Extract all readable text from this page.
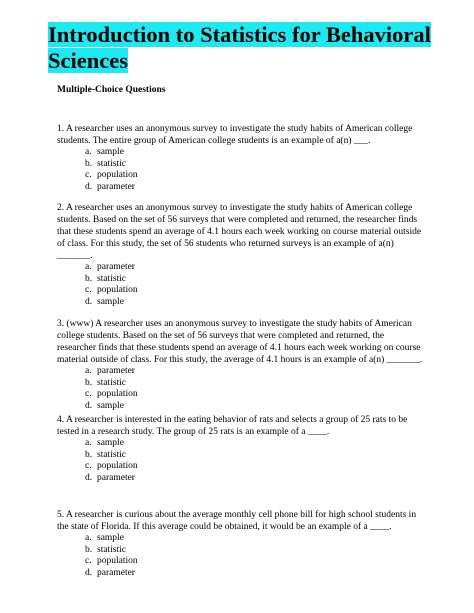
Introduction to Statistics for Behavioral
Sciences
Multiple-Choice Questions

1. A researcher uses an anonymous survey to investigate the study habits of American college students. The entire group of American college students is an example of a(n) ___.

a. sample
b. statistic
c. population
d. parameter

2. A researcher uses an anonymous survey to investigate the study habits of American college students. Based on the set of 56 surveys that were completed and returned, the researcher finds that these students spend an average of 4.1 hours each week working on course material outside of class. For this study, the set of 56 students who returned surveys is an example of a(n) _______.

a. parameter
b. statistic
c. population
d. sample

3. (www) A researcher uses an anonymous survey to investigate the study habits of American college students. Based on the set of 56 surveys that were completed and returned, the researcher finds that these students spend an average of 4.1 hours each week working on course material outside of class. For this study, the average of 4.1 hours is an example of a(n) _______.

a. parameter
b. statistic
c. population
d. sample

4. A researcher is interested in the eating behavior of rats and selects a group of 25 rats to be tested in a research study. The group of 25 rats is an example of a ____.

a. sample
b. statistic
c. population
d. parameter

5. A researcher is curious about the average monthly cell phone bill for high school students in the state of Florida. If this average could be obtained, it would be an example of a ____.

a. sample
b. statistic
c. population
d. parameter
